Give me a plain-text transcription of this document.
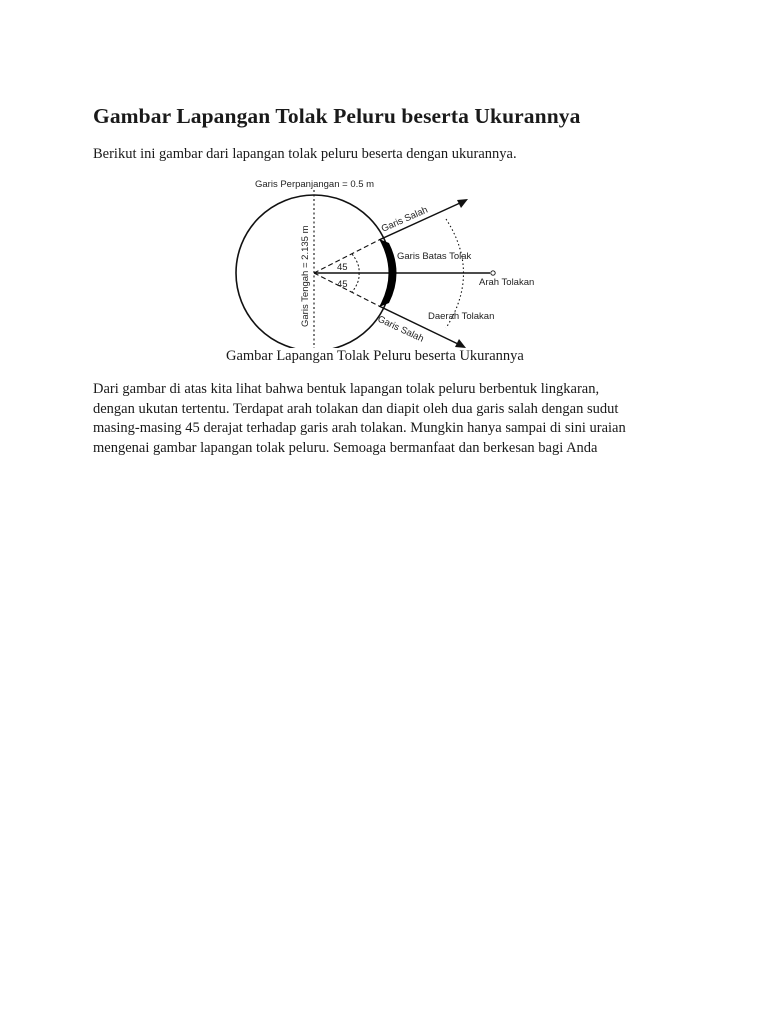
Gambar Lapangan Tolak Peluru beserta Ukurannya

Berikut ini gambar dari lapangan tolak peluru beserta dengan ukurannya.

Garis Perpanjangan = 0.5 m
Garis Tengah = 2.135 m
Garis Salah
Garis Salah
Garis Batas Tolak
Arah Tolakan
Daerah Tolakan
45
45

Gambar Lapangan Tolak Peluru beserta Ukurannya

Dari gambar di atas kita lihat bahwa bentuk lapangan tolak peluru berbentuk lingkaran,
dengan ukutan tertentu. Terdapat arah tolakan dan diapit oleh dua garis salah dengan sudut
masing-masing 45 derajat terhadap garis arah tolakan. Mungkin hanya sampai di sini uraian
mengenai gambar lapangan tolak peluru. Semoaga bermanfaat dan berkesan bagi Anda
